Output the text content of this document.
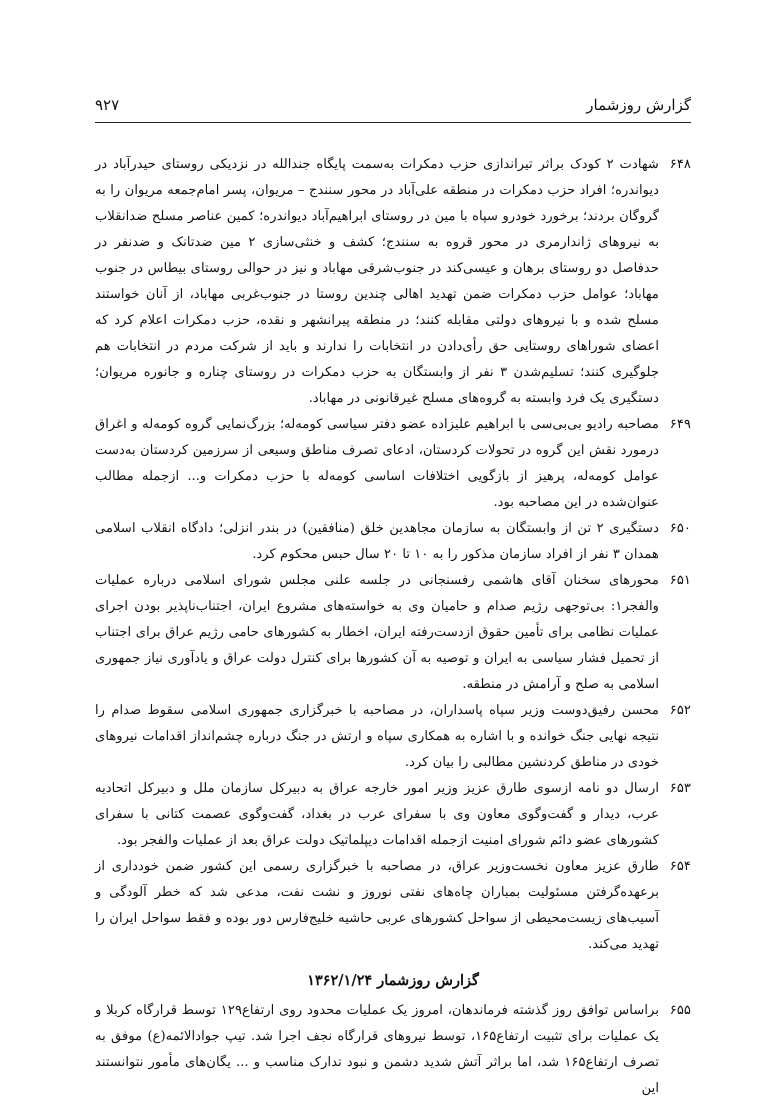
گزارش روزشمار
۹۲۷

۶۴۸
شهادت ۲ کودک براثر تیراندازی حزب دمکرات به‌سمت پایگاه جندالله در نزدیکی روستای حیدرآباد در دیواندره؛ افراد حزب دمکرات در منطقه علی‌آباد در محور سنندج – مریوان، پسر امام‌جمعه مریوان را به گروگان بردند؛ برخورد خودرو سپاه با مین در روستای ابراهیم‌آباد دیواندره؛ کمین عناصر مسلح ضدانقلاب به نیروهای ژاندارمری در محور قروه به سنندج؛ کشف و خنثی‌سازی ۲ مین ضدتانک و ضدنفر در حدفاصل دو روستای برهان و عیسی‌کند در جنوب‌شرقی مهاباد و نیز در حوالی روستای بیطاس در جنوب مهاباد؛ عوامل حزب دمکرات ضمن تهدید اهالی چندین روستا در جنوب‌غربی مهاباد، از آنان خواستند مسلح شده و با نیروهای دولتی مقابله کنند؛ در منطقه پیرانشهر و نقده، حزب دمکرات اعلام کرد که اعضای شوراهای روستایی حق رأی‌دادن در انتخابات را ندارند و باید از شرکت مردم در انتخابات هم جلوگیری کنند؛ تسلیم‌شدن ۳ نفر از وابستگان به حزب دمکرات در روستای چناره و جانوره مریوان؛ دستگیری یک فرد وابسته به گروه‌های مسلح غیرقانونی در مهاباد.

۶۴۹
مصاحبه رادیو بی‌بی‌سی با ابراهیم علیزاده عضو دفتر سیاسی کومه‌له؛ بزرگ‌نمایی گروه کومه‌له و اغراق درمورد نقش این گروه در تحولات کردستان، ادعای تصرف مناطق وسیعی از سرزمین کردستان به‌دست عوامل کومه‌له، پرهیز از بازگویی اختلافات اساسی کومه‌له با حزب دمکرات و... ازجمله مطالب عنوان‌شده در این مصاحبه بود.

۶۵۰
دستگیری ۲ تن از وابستگان به سازمان مجاهدین خلق (منافقین) در بندر انزلی؛ دادگاه انقلاب اسلامی همدان ۳ نفر از افراد سازمان مذکور را به ۱۰ تا ۲۰ سال حبس محکوم کرد.

۶۵۱
محورهای سخنان آقای هاشمی رفسنجانی در جلسه علنی مجلس شورای اسلامی درباره عملیات والفجر۱: بی‌توجهی رژیم صدام و حامیان وی به خواسته‌های مشروع ایران، اجتناب‌ناپذیر بودن اجرای عملیات نظامی برای تأمین حقوق ازدست‌رفته ایران، اخطار به کشورهای حامی رژیم عراق برای اجتناب از تحمیل فشار سیاسی به ایران و توصیه به آن کشورها برای کنترل دولت عراق و یادآوری نیاز جمهوری اسلامی به صلح و آرامش در منطقه.

۶۵۲
محسن رفیق‌دوست وزیر سپاه پاسداران، در مصاحبه با خبرگزاری جمهوری اسلامی سقوط صدام را نتیجه نهایی جنگ خوانده و با اشاره به همکاری سپاه و ارتش در جنگ درباره چشم‌انداز اقدامات نیروهای خودی در مناطق کردنشین مطالبی را بیان کرد.

۶۵۳
ارسال دو نامه ازسوی طارق عزیز وزیر امور خارجه عراق به دبیرکل سازمان ملل و دبیرکل اتحادیه عرب، دیدار و گفت‌وگوی معاون وی با سفرای عرب در بغداد، گفت‌وگوی عصمت کتانی با سفرای کشورهای عضو دائم شورای امنیت ازجمله اقدامات دیپلماتیک دولت عراق بعد از عملیات والفجر بود.

۶۵۴
طارق عزیز معاون نخست‌وزیر عراق، در مصاحبه با خبرگزاری رسمی این کشور ضمن خودداری از برعهده‌گرفتن مسئولیت بمباران چاه‌های نفتی نوروز و نشت نفت، مدعی شد که خطر آلودگی و آسیب‌های زیست‌محیطی از سواحل کشورهای عربی حاشیه خلیج‌فارس دور بوده و فقط سواحل ایران را تهدید می‌کند.

گزارش روزشمار ۱۳۶۲/۱/۲۴

۶۵۵
براساس توافق روز گذشته فرماندهان، امروز یک عملیات محدود روی ارتفاع۱۲۹ توسط قرارگاه کربلا و یک عملیات برای تثبیت ارتفاع۱۶۵، توسط نیروهای قرارگاه نجف اجرا شد. تیپ جوادالائمه(ع) موفق به تصرف ارتفاع۱۶۵ شد، اما براثر آتش شدید دشمن و نبود تدارک مناسب و ... یگان‌های مأمور نتوانستند این
